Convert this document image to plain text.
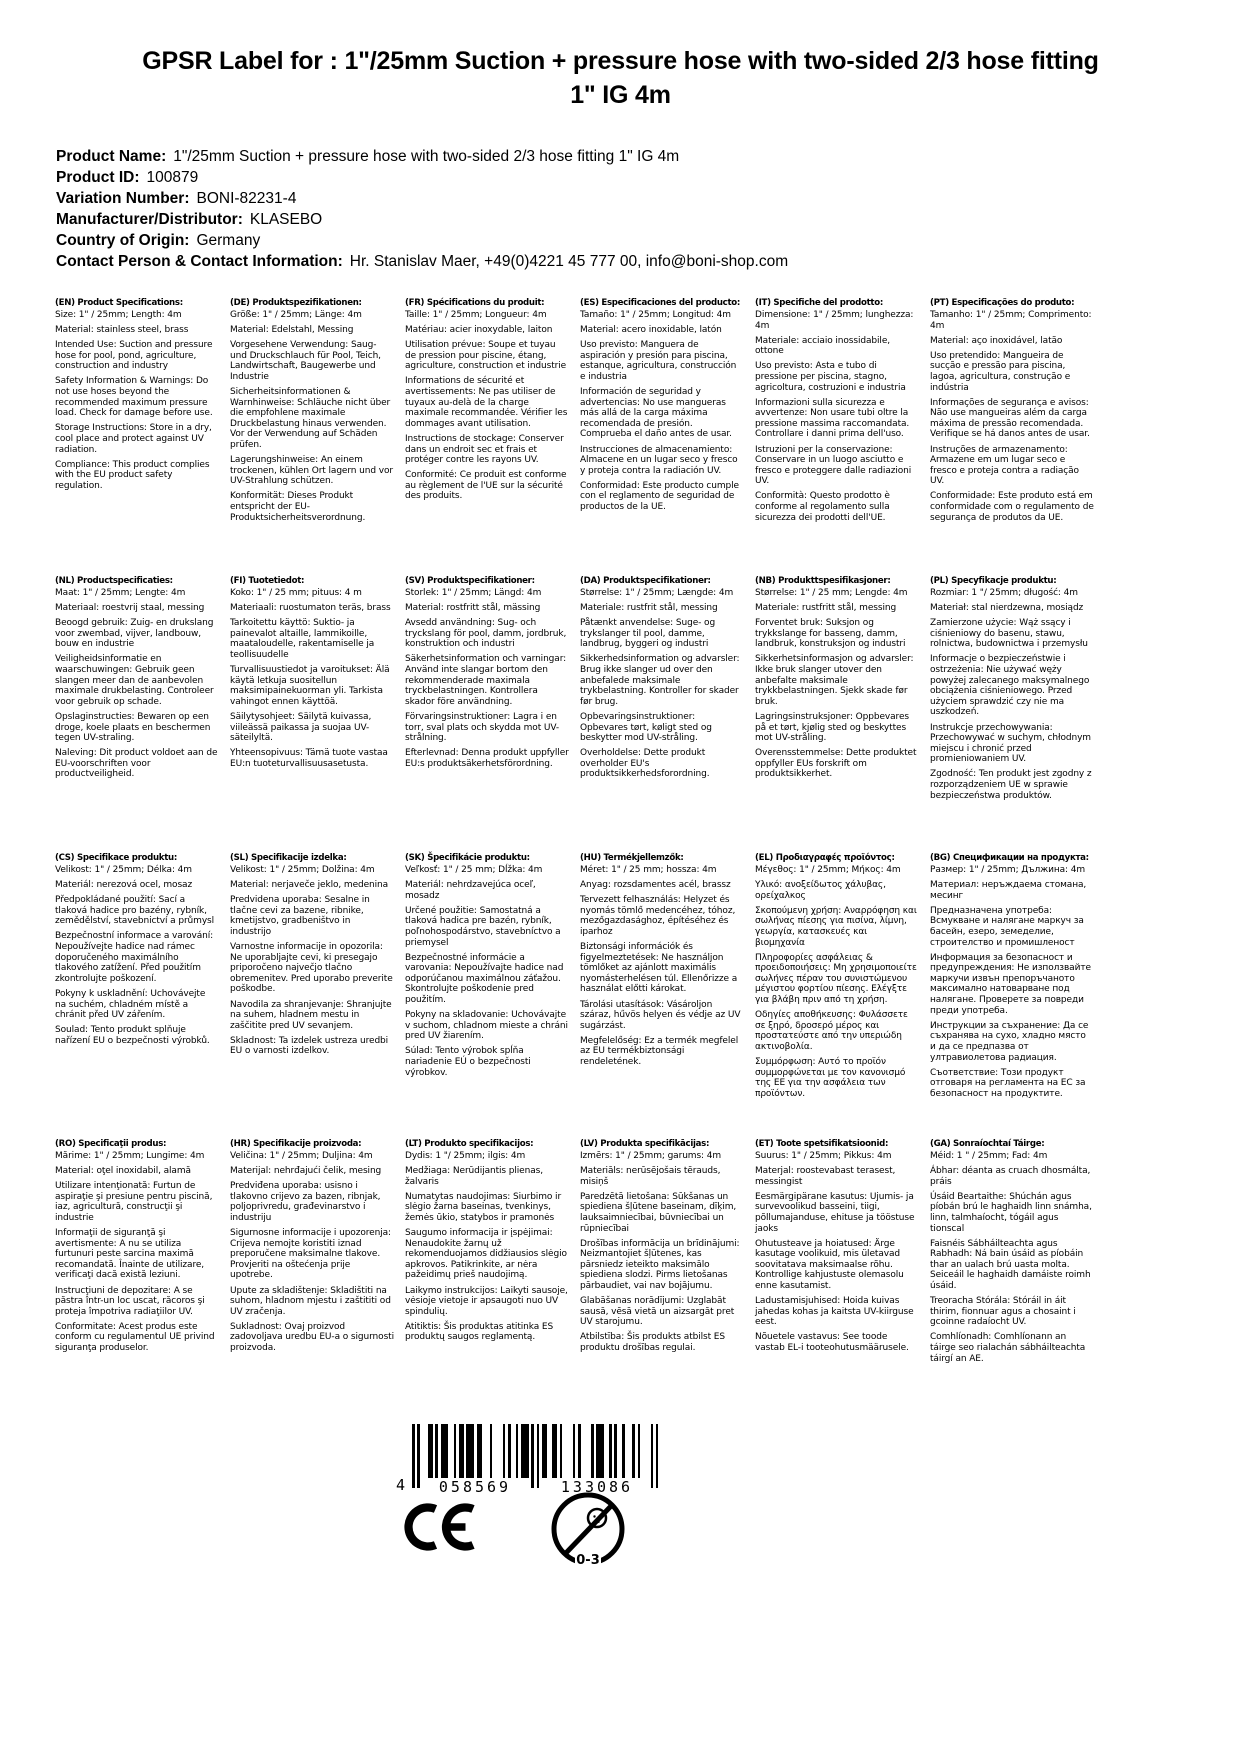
GPSR Label for : 1"/25mm Suction + pressure hose with two-sided 2/3 hose fitting 1" IG 4m
Product Name: 1"/25mm Suction + pressure hose with two-sided 2/3 hose fitting 1" IG 4m
Product ID: 100879
Variation Number: BONI-82231-4
Manufacturer/Distributor: KLASEBO
Country of Origin: Germany
Contact Person & Contact Information: Hr. Stanislav Maer, +49(0)4221 45 777 00, info@boni-shop.com
(EN) Product Specifications:

Size: 1" / 25mm; Length: 4m

Material: stainless steel, brass

Intended Use: Suction and pressure hose for pool, pond, agriculture, construction and industry

Safety Information & Warnings: Do not use hoses beyond the recommended maximum pressure load. Check for damage before use.

Storage Instructions: Store in a dry, cool place and protect against UV radiation.

Compliance: This product complies with the EU product safety regulation.

(DE) Produktspezifikationen:

Größe: 1" / 25mm; Länge: 4m

Material: Edelstahl, Messing

Vorgesehene Verwendung: Saug- und Druckschlauch für Pool, Teich, Landwirtschaft, Baugewerbe und Industrie

Sicherheitsinformationen & Warnhinweise: Schläuche nicht über die empfohlene maximale Druckbelastung hinaus verwenden. Vor der Verwendung auf Schäden prüfen.

Lagerungshinweise: An einem trockenen, kühlen Ort lagern und vor UV-Strahlung schützen.

Konformität: Dieses Produkt entspricht der EU-Produktsicherheitsverordnung.

(FR) Spécifications du produit:

Taille: 1" / 25mm; Longueur: 4m

Matériau: acier inoxydable, laiton

Utilisation prévue: Soupe et tuyau de pression pour piscine, étang, agriculture, construction et industrie

Informations de sécurité et avertissements: Ne pas utiliser de tuyaux au-delà de la charge maximale recommandée. Vérifier les dommages avant utilisation.

Instructions de stockage: Conserver dans un endroit sec et frais et protéger contre les rayons UV.

Conformité: Ce produit est conforme au règlement de l'UE sur la sécurité des produits.

(ES) Especificaciones del producto:

Tamaño: 1" / 25mm; Longitud: 4m

Material: acero inoxidable, latón

Uso previsto: Manguera de aspiración y presión para piscina, estanque, agricultura, construcción e industria

Información de seguridad y advertencias: No use mangueras más allá de la carga máxima recomendada de presión. Comprueba el daño antes de usar.

Instrucciones de almacenamiento: Almacene en un lugar seco y fresco y proteja contra la radiación UV.

Conformidad: Este producto cumple con el reglamento de seguridad de productos de la UE.

(IT) Specifiche del prodotto:

Dimensione: 1" / 25mm; lunghezza: 4m

Materiale: acciaio inossidabile, ottone

Uso previsto: Asta e tubo di pressione per piscina, stagno, agricoltura, costruzioni e industria

Informazioni sulla sicurezza e avvertenze: Non usare tubi oltre la pressione massima raccomandata. Controllare i danni prima dell'uso.

Istruzioni per la conservazione: Conservare in un luogo asciutto e fresco e proteggere dalle radiazioni UV.

Conformità: Questo prodotto è conforme al regolamento sulla sicurezza dei prodotti dell'UE.

(PT) Especificações do produto:

Tamanho: 1" / 25mm; Comprimento: 4m

Material: aço inoxidável, latão

Uso pretendido: Mangueira de sucção e pressão para piscina, lagoa, agricultura, construção e indústria

Informações de segurança e avisos: Não use mangueiras além da carga máxima de pressão recomendada. Verifique se há danos antes de usar.

Instruções de armazenamento: Armazene em um lugar seco e fresco e proteja contra a radiação UV.

Conformidade: Este produto está em conformidade com o regulamento de segurança de produtos da UE.

(NL) Productspecificaties:

Maat: 1" / 25mm; Lengte: 4m

Materiaal: roestvrij staal, messing

Beoogd gebruik: Zuig- en drukslang voor zwembad, vijver, landbouw, bouw en industrie

Veiligheidsinformatie en waarschuwingen: Gebruik geen slangen meer dan de aanbevolen maximale drukbelasting. Controleer voor gebruik op schade.

Opslaginstructies: Bewaren op een droge, koele plaats en beschermen tegen UV-straling.

Naleving: Dit product voldoet aan de EU-voorschriften voor productveiligheid.

(FI) Tuotetiedot:

Koko: 1" / 25 mm; pituus: 4 m

Materiaali: ruostumaton teräs, brass

Tarkoitettu käyttö: Suktio- ja painevalot altaille, lammikoille, maataloudelle, rakentamiselle ja teollisuudelle

Turvallisuustiedot ja varoitukset: Älä käytä letkuja suositellun maksimipainekuorman yli. Tarkista vahingot ennen käyttöä.

Säilytysohjeet: Säilytä kuivassa, viileässä paikassa ja suojaa UV-säteilyltä.

Yhteensopivuus: Tämä tuote vastaa EU:n tuoteturvallisuusasetusta.

(SV) Produktspecifikationer:

Storlek: 1" / 25mm; Längd: 4m

Material: rostfritt stål, mässing

Avsedd användning: Sug- och tryckslang för pool, damm, jordbruk, konstruktion och industri

Säkerhetsinformation och varningar: Använd inte slangar bortom den rekommenderade maximala tryckbelastningen. Kontrollera skador före användning.

Förvaringsinstruktioner: Lagra i en torr, sval plats och skydda mot UV-strålning.

Efterlevnad: Denna produkt uppfyller EU:s produktsäkerhetsförordning.

(DA) Produktspecifikationer:

Størrelse: 1" / 25mm; Længde: 4m

Materiale: rustfrit stål, messing

Påtænkt anvendelse: Suge- og trykslanger til pool, damme, landbrug, byggeri og industri

Sikkerhedsinformation og advarsler: Brug ikke slanger ud over den anbefalede maksimale trykbelastning. Kontroller for skader før brug.

Opbevaringsinstruktioner: Opbevares tørt, køligt sted og beskytter mod UV-stråling.

Overholdelse: Dette produkt overholder EU's produktsikkerhedsforordning.

(NB) Produkttspesifikasjoner:

Størrelse: 1" / 25 mm; Lengde: 4m

Materiale: rustfritt stål, messing

Forventet bruk: Suksjon og trykkslange for basseng, damm, landbruk, konstruksjon og industri

Sikkerhetsinformasjon og advarsler: Ikke bruk slanger utover den anbefalte maksimale trykkbelastningen. Sjekk skade før bruk.

Lagringsinstruksjoner: Oppbevares på et tørt, kjølig sted og beskyttes mot UV-stråling.

Overensstemmelse: Dette produktet oppfyller EUs forskrift om produktsikkerhet.

(PL) Specyfikacje produktu:

Rozmiar: 1 "/ 25mm; długość: 4m

Materiał: stal nierdzewna, mosiądz

Zamierzone użycie: Wąż ssący i ciśnieniowy do basenu, stawu, rolnictwa, budownictwa i przemysłu

Informacje o bezpieczeństwie i ostrzeżenia: Nie używać węży powyżej zalecanego maksymalnego obciążenia ciśnieniowego. Przed użyciem sprawdzić czy nie ma uszkodzeń.

Instrukcje przechowywania: Przechowywać w suchym, chłodnym miejscu i chronić przed promieniowaniem UV.

Zgodność: Ten produkt jest zgodny z rozporządzeniem UE w sprawie bezpieczeństwa produktów.

(CS) Specifikace produktu:

Velikost: 1" / 25mm; Délka: 4m

Materiál: nerezová ocel, mosaz

Předpokládané použití: Sací a tlaková hadice pro bazény, rybník, zemědělství, stavebnictví a průmysl

Bezpečnostní informace a varování: Nepoužívejte hadice nad rámec doporučeného maximálního tlakového zatížení. Před použitím zkontrolujte poškození.

Pokyny k uskladnění: Uchovávejte na suchém, chladném místě a chránit před UV zářením.

Soulad: Tento produkt splňuje nařízení EU o bezpečnosti výrobků.

(SL) Specifikacije izdelka:

Velikost: 1" / 25mm; Dolžina: 4m

Material: nerjaveče jeklo, medenina

Predvidena uporaba: Sesalne in tlačne cevi za bazene, ribnike, kmetijstvo, gradbeništvo in industrijo

Varnostne informacije in opozorila: Ne uporabljajte cevi, ki presegajo priporočeno največjo tlačno obremenitev. Pred uporabo preverite poškodbe.

Navodila za shranjevanje: Shranjujte na suhem, hladnem mestu in zaščitite pred UV sevanjem.

Skladnost: Ta izdelek ustreza uredbi EU o varnosti izdelkov.

(SK) Špecifikácie produktu:

Veľkosť: 1" / 25 mm; Dĺžka: 4m

Materiál: nehrdzavejúca oceľ, mosadz

Určené použitie: Samostatná a tlaková hadica pre bazén, rybník, poľnohospodárstvo, stavebníctvo a priemysel

Bezpečnostné informácie a varovania: Nepoužívajte hadice nad odporúčanou maximálnou záťažou. Skontrolujte poškodenie pred použitím.

Pokyny na skladovanie: Uchovávajte v suchom, chladnom mieste a chráni pred UV žiarením.

Súlad: Tento výrobok spĺňa nariadenie EÚ o bezpečnosti výrobkov.

(HU) Termékjellemzők:

Méret: 1" / 25 mm; hossza: 4m

Anyag: rozsdamentes acél, brassz

Tervezett felhasználás: Helyzet és nyomás tömlő medencéhez, tóhoz, mezőgazdasághoz, építéséhez és iparhoz

Biztonsági információk és figyelmeztetések: Ne használjon tömlőket az ajánlott maximális nyomásterhelésen túl. Ellenőrizze a használat előtti károkat.

Tárolási utasítások: Vásároljon száraz, hűvös helyen és védje az UV sugárzást.

Megfelelőség: Ez a termék megfelel az EU termékbiztonsági rendeletének.

(EL) Προδιαγραφές προϊόντος:

Μέγεθος: 1" / 25mm; Μήκος: 4m

Υλικό: ανοξείδωτος χάλυβας, ορείχαλκος

Σκοπούμενη χρήση: Αναρρόφηση και σωλήνας πίεσης για πισίνα, λίμνη, γεωργία, κατασκευές και βιομηχανία

Πληροφορίες ασφάλειας & προειδοποιήσεις: Μη χρησιμοποιείτε σωλήνες πέραν του συνιστώμενου μέγιστου φορτίου πίεσης. Ελέγξτε για βλάβη πριν από τη χρήση.

Οδηγίες αποθήκευσης: Φυλάσσετε σε ξηρό, δροσερό μέρος και προστατεύστε από την υπεριώδη ακτινοβολία.

Συμμόρφωση: Αυτό το προϊόν συμμορφώνεται με τον κανονισμό της ΕΕ για την ασφάλεια των προϊόντων.

(BG) Спецификации на продукта:

Размер: 1" / 25mm; Дължина: 4m

Материал: неръждаема стомана, месинг

Предназначена употреба: Всмукване и налягане маркуч за басейн, езеро, земеделие, строителство и промишленост

Информация за безопасност и предупреждения: Не използвайте маркучи извън препоръчаното максимално натоварване под налягане. Проверете за повреди преди употреба.

Инструкции за съхранение: Да се съхранява на сухо, хладно място и да се предпазва от ултравиолетова радиация.

Съответствие: Този продукт отговаря на регламента на ЕС за безопасност на продуктите.

(RO) Specificaţii produs:

Mărime: 1" / 25mm; Lungime: 4m

Material: oţel inoxidabil, alamă

Utilizare intenţionată: Furtun de aspiraţie şi presiune pentru piscină, iaz, agricultură, construcţii şi industrie

Informaţii de siguranţă şi avertismente: A nu se utiliza furtunuri peste sarcina maximă recomandată. Înainte de utilizare, verificaţi dacă există leziuni.

Instrucţiuni de depozitare: A se păstra într-un loc uscat, răcoros şi proteja împotriva radiaţiilor UV.

Conformitate: Acest produs este conform cu regulamentul UE privind siguranţa produselor.

(HR) Specifikacije proizvoda:

Veličina: 1" / 25mm; Duljina: 4m

Materijal: nehrđajući čelik, mesing

Predviđena uporaba: usisno i tlakovno crijevo za bazen, ribnjak, poljoprivredu, građevinarstvo i industriju

Sigurnosne informacije i upozorenja: Crijeva nemojte koristiti iznad preporučene maksimalne tlakove. Provjeriti na oštećenja prije upotrebe.

Upute za skladištenje: Skladištiti na suhom, hladnom mjestu i zaštititi od UV zračenja.

Sukladnost: Ovaj proizvod zadovoljava uredbu EU-a o sigurnosti proizvoda.

(LT) Produkto specifikacijos:

Dydis: 1 "/ 25mm; ilgis: 4m

Medžiaga: Nerūdijantis plienas, žalvaris

Numatytas naudojimas: Siurbimo ir slėgio žarna baseinas, tvenkinys, žemės ūkio, statybos ir pramonės

Saugumo informacija ir įspėjimai: Nenaudokite žarnų už rekomenduojamos didžiausios slėgio apkrovos. Patikrinkite, ar nėra pažeidimų prieš naudojimą.

Laikymo instrukcijos: Laikyti sausoje, vėsioje vietoje ir apsaugoti nuo UV spindulių.

Atitiktis: Šis produktas atitinka ES produktų saugos reglamentą.

(LV) Produkta specifikācijas:

Izmērs: 1" / 25mm; garums: 4m

Materiāls: nerūsējošais tērauds, misiņš

Paredzētā lietošana: Sūkšanas un spiediena šļūtene baseinam, dīķim, lauksaimniecībai, būvniecībai un rūpniecībai

Drošības informācija un brīdinājumi: Neizmantojiet šļūtenes, kas pārsniedz ieteikto maksimālo spiediena slodzi. Pirms lietošanas pārbaudiet, vai nav bojājumu.

Glabāšanas norādījumi: Uzglabāt sausā, vēsā vietā un aizsargāt pret UV starojumu.

Atbilstība: Šis produkts atbilst ES produktu drošības regulai.

(ET) Toote spetsifikatsioonid:

Suurus: 1" / 25mm; Pikkus: 4m

Materjal: roostevabast terasest, messingist

Eesmärgipärane kasutus: Ujumis- ja survevoolikud basseini, tiigi, põllumajanduse, ehituse ja tööstuse jaoks

Ohutusteave ja hoiatused: Ärge kasutage voolikuid, mis ületavad soovitatava maksimaalse rõhu. Kontrollige kahjustuste olemasolu enne kasutamist.

Ladustamisjuhised: Hoida kuivas jahedas kohas ja kaitsta UV-kiirguse eest.

Nõuetele vastavus: See toode vastab EL-i tooteohutusmäärusele.

(GA) Sonraíochtaí Táirge:

Méid: 1 " / 25mm; Fad: 4m

Ábhar: déanta as cruach dhosmálta, práis

Úsáid Beartaithe: Shúchán agus píobán brú le haghaidh linn snámha, linn, talmhaíocht, tógáil agus tionscal

Faisnéis Sábháilteachta agus Rabhadh: Ná bain úsáid as píobáin thar an ualach brú uasta molta. Seiceáil le haghaidh damáiste roimh úsáid.

Treoracha Stórála: Stóráil in áit thirim, fionnuar agus a chosaint i gcoinne radaíocht UV.

Comhlíonadh: Comhlíonann an táirge seo rialachán sábháilteachta táirgí an AE.

4	058569	133086
0-3
